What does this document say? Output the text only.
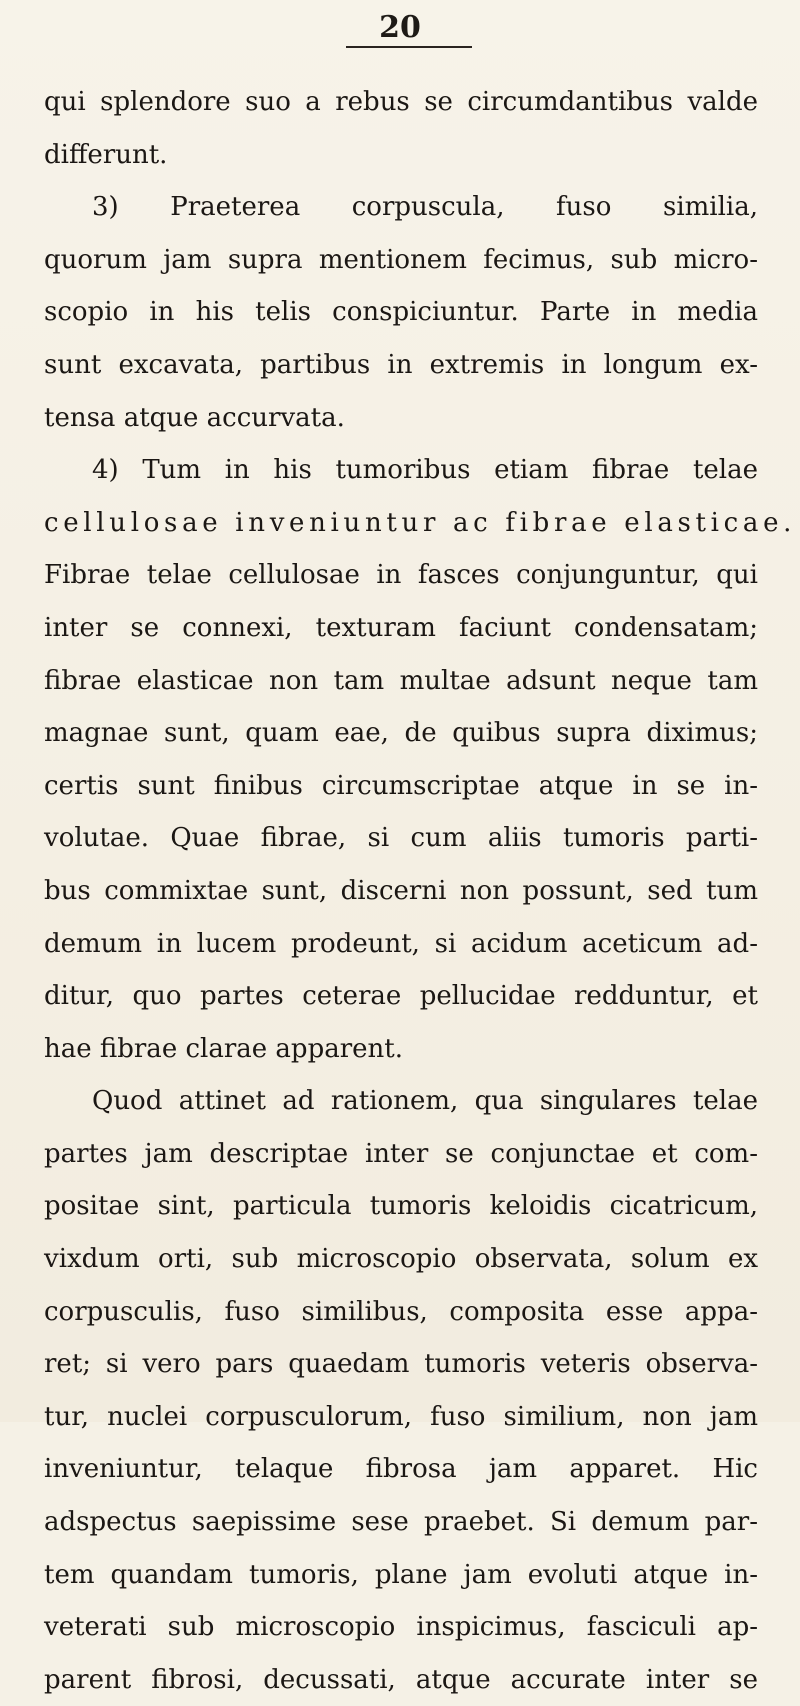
20
qui splendore suo a rebus se circumdantibus valde
differunt.
3) Praeterea corpuscula, fuso similia,
quorum jam supra mentionem fecimus, sub micro-
scopio in his telis conspiciuntur. Parte in media
sunt excavata, partibus in extremis in longum ex-
tensa atque accurvata.
4) Tum in his tumoribus etiam fibrae telae
cellulosae inveniuntur ac fibrae elasticae.
Fibrae telae cellulosae in fasces conjunguntur, qui
inter se connexi, texturam faciunt condensatam;
fibrae elasticae non tam multae adsunt neque tam
magnae sunt, quam eae, de quibus supra diximus;
certis sunt finibus circumscriptae atque in se in-
volutae. Quae fibrae, si cum aliis tumoris parti-
bus commixtae sunt, discerni non possunt, sed tum
demum in lucem prodeunt, si acidum aceticum ad-
ditur, quo partes ceterae pellucidae redduntur, et
hae fibrae clarae apparent.
Quod attinet ad rationem, qua singulares telae
partes jam descriptae inter se conjunctae et com-
positae sint, particula tumoris keloidis cicatricum,
vixdum orti, sub microscopio observata, solum ex
corpusculis, fuso similibus, composita esse appa-
ret; si vero pars quaedam tumoris veteris observa-
tur, nuclei corpusculorum, fuso similium, non jam
inveniuntur, telaque fibrosa jam apparet. Hic
adspectus saepissime sese praebet. Si demum par-
tem quandam tumoris, plane jam evoluti atque in-
veterati sub microscopio inspicimus, fasciculi ap-
parent fibrosi, decussati, atque accurate inter se
